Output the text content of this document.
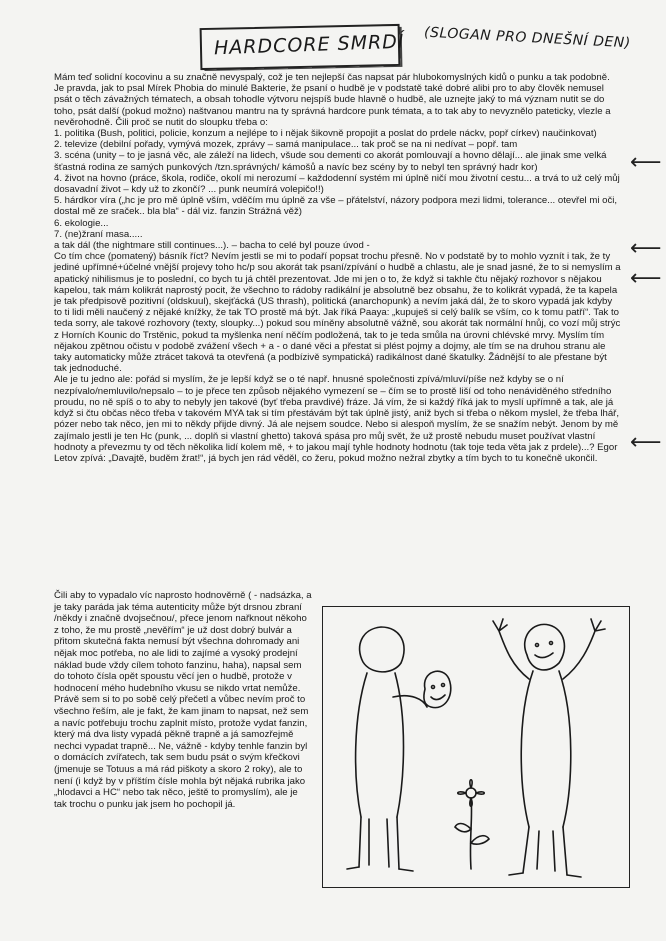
HARDCORE SMRDÍ (SLOGAN PRO DNEŠNÍ DEN)

Mám teď solidní kocovinu a su značně nevyspalý, což je ten nejlepší čas napsat pár hlubokomyslných kidů o punku a tak podobně. Je pravda, jak to psal Mírek Phobia do minulé Bakterie, že psaní o hudbě je v podstatě také dobré alibi pro to aby člověk nemusel psát o těch závažných tématech, a obsah tohodle výtvoru nejspíš bude hlavně o hudbě, ale uznejte jaký to má význam nutit se do toho, psát další (pokud možno) naštvanou mantru na ty správná hardcore punk témata, a to tak aby to nevyznělo pateticky, vlezle a nevěrohodně. Čili proč se nutit do sloupku třeba o:

1. politika (Bush, politici, policie, konzum a nejlépe to i nějak šikovně propojit a poslat do prdele náckv, popř církev) naučinkovat)

2. televize (debilní pořady, vymývá mozek, zprávy – samá manipulace... tak proč se na ni nedívat – popř. tam

3. scéna (unity – to je jasná věc, ale záleží na lidech, všude sou dementi co akorát pomlouvají a hovno dělají... ale jinak sme velká šťastná rodina ze samých punkových /tzn.správných/ kámošů a navíc bez scény by to nebyl ten správný hadr kor)

4. život na hovno (práce, škola, rodiče, okolí mi nerozumí – každodenní systém mi úplně ničí mou životní cestu... a trvá to už celý můj dosavadní život – kdy už to zkončí? ... punk neumírá volepičo!!)

5. hárdkor víra („hc je pro mě úplně vším, vděčím mu úplně za vše – přátelství, názory podpora mezi lidmi, tolerance... otevřel mi oči, dostal mě ze sraček.. bla bla“ - dál viz. fanzin Strážná věž)

6. ekologie...

7. (ne)žraní masa.....

a tak dál (the nightmare still continues...). – bacha to celé byl pouze úvod -

Co tím chce (pomatený) básník říct? Nevím jestli se mi to podaří popsat trochu přesně. No v podstatě by to mohlo vyznít i tak, že ty jediné upřímné+účelné vnější projevy toho hc/p sou akorát tak psaní/zpívání o hudbě a chlastu, ale je snad jasné, že to si nemyslím a apatický nihilismus je to poslední, co bych tu já chtěl prezentovat. Jde mi jen o to, že když si takhle čtu nějaký rozhovor s nějakou kapelou, tak mám kolikrát naprostý pocit, že všechno to rádoby radikální je absolutně bez obsahu, že to kolikrát vypadá, že ta kapela je tak předpisově pozitivní (oldskuul), skejťácká (US thrash), politická (anarchopunk) a nevím jaká dál, že to skoro vypadá jak kdyby to ti lidi měli naučený z nějaké knížky, že tak TO prostě má být. Jak říká Paaya: „kupuješ si celý balík se vším, co k tomu patří“. Tak to teda sorry, ale takové rozhovory (texty, sloupky...) pokud sou míněny absolutně vážně, sou akorát tak normální hnůj, co vozí můj strýc z Horních Kounic do Trstěnic, pokud ta myšlenka není něčím podložená, tak to je teda smůla na úrovni chlévské mrvy. Myslím tím nějakou zpětnou očistu v podobě zvážení všech + a - o dané věci a přestat si plést pojmy a dojmy, ale tím se na druhou stranu ale taky automaticky může ztrácet taková ta otevřená (a podbízivě sympatická) radikálnost dané škatulky. Žádnější to ale přestane být tak jednoduché.

Ale je tu jedno ale: pořád si myslím, že je lepší když se o té např. hnusné společnosti zpívá/mluví/píše než kdyby se o ní nezpívalo/nemluvilo/nepsalo – to je přece ten způsob nějakého vymezení se – čím se to prostě liší od toho nenáviděného středního proudu, no ně spíš o to aby to nebyly jen takové (byť třeba pravdivé) fráze. Já vím, že si každý říká jak to myslí upřímně a tak, ale já když si čtu občas něco třeba v takovém MYA tak si tím přestávám být tak úplně jistý, aniž bych si třeba o někom myslel, že třeba lhář, pózer nebo tak něco, jen mi to někdy přijde divný. Já ale nejsem soudce. Nebo si alespoň myslím, že se snažím nebýt. Jenom by mě zajímalo jestli je ten Hc (punk, ... doplň si vlastní ghetto) taková spása pro můj svět, že už prostě nebudu muset používat vlastní hodnoty a převezmu ty od těch několika lidí kolem mě, + to jakou mají tyhle hodnoty hodnotu (tak toje teda věta jak z prdele)...? Egor Letov zpívá: „Davajtě, buděm žrat!“, já bych jen rád věděl, co žeru, pokud možno nežral zbytky a tím bych to tu konečně ukončil.

Čili aby to vypadalo víc naprosto hodnověrně ( - nadsázka, a je taky paráda jak téma autenticity může být drsnou zbraní /někdy i značně dvojsečnou/, přece jenom nařknout někoho z toho, že mu prostě „nevěřím“ je už dost dobrý bulvár a přitom skutečná fakta nemusí být všechna dohromady ani nějak moc potřeba, no ale lidi to zajímé a vysoký prodejní náklad bude vždy cílem tohoto fanzinu, haha), napsal sem do tohoto čísla opět spoustu věcí jen o hudbě, protože v hodnocení mého hudebního vkusu se nikdo vrtat nemůže. Právě sem si to po sobě celý přečetl a vůbec nevím proč to všechno řeším, ale je fakt, že kam jinam to napsat, než sem a navíc potřebuju trochu zaplnit místo, protože vydat fanzin, který má dva listy vypadá pěkně trapně a já samozřejmě nechci vypadat trapně... Ne, vážně - kdyby tenhle fanzin byl o domácích zvířatech, tak sem budu psát o svým křečkovi (jmenuje se Totuus a má rád piškoty a skoro 2 roky), ale to není (i když by v příštím čísle mohla být nějaká rubrika jako „hlodavci a HC“ nebo tak něco, ještě to promyslím), ale je tak trochu o punku jak jsem ho pochopil já.

⟵
⟵
⟵
⟵
